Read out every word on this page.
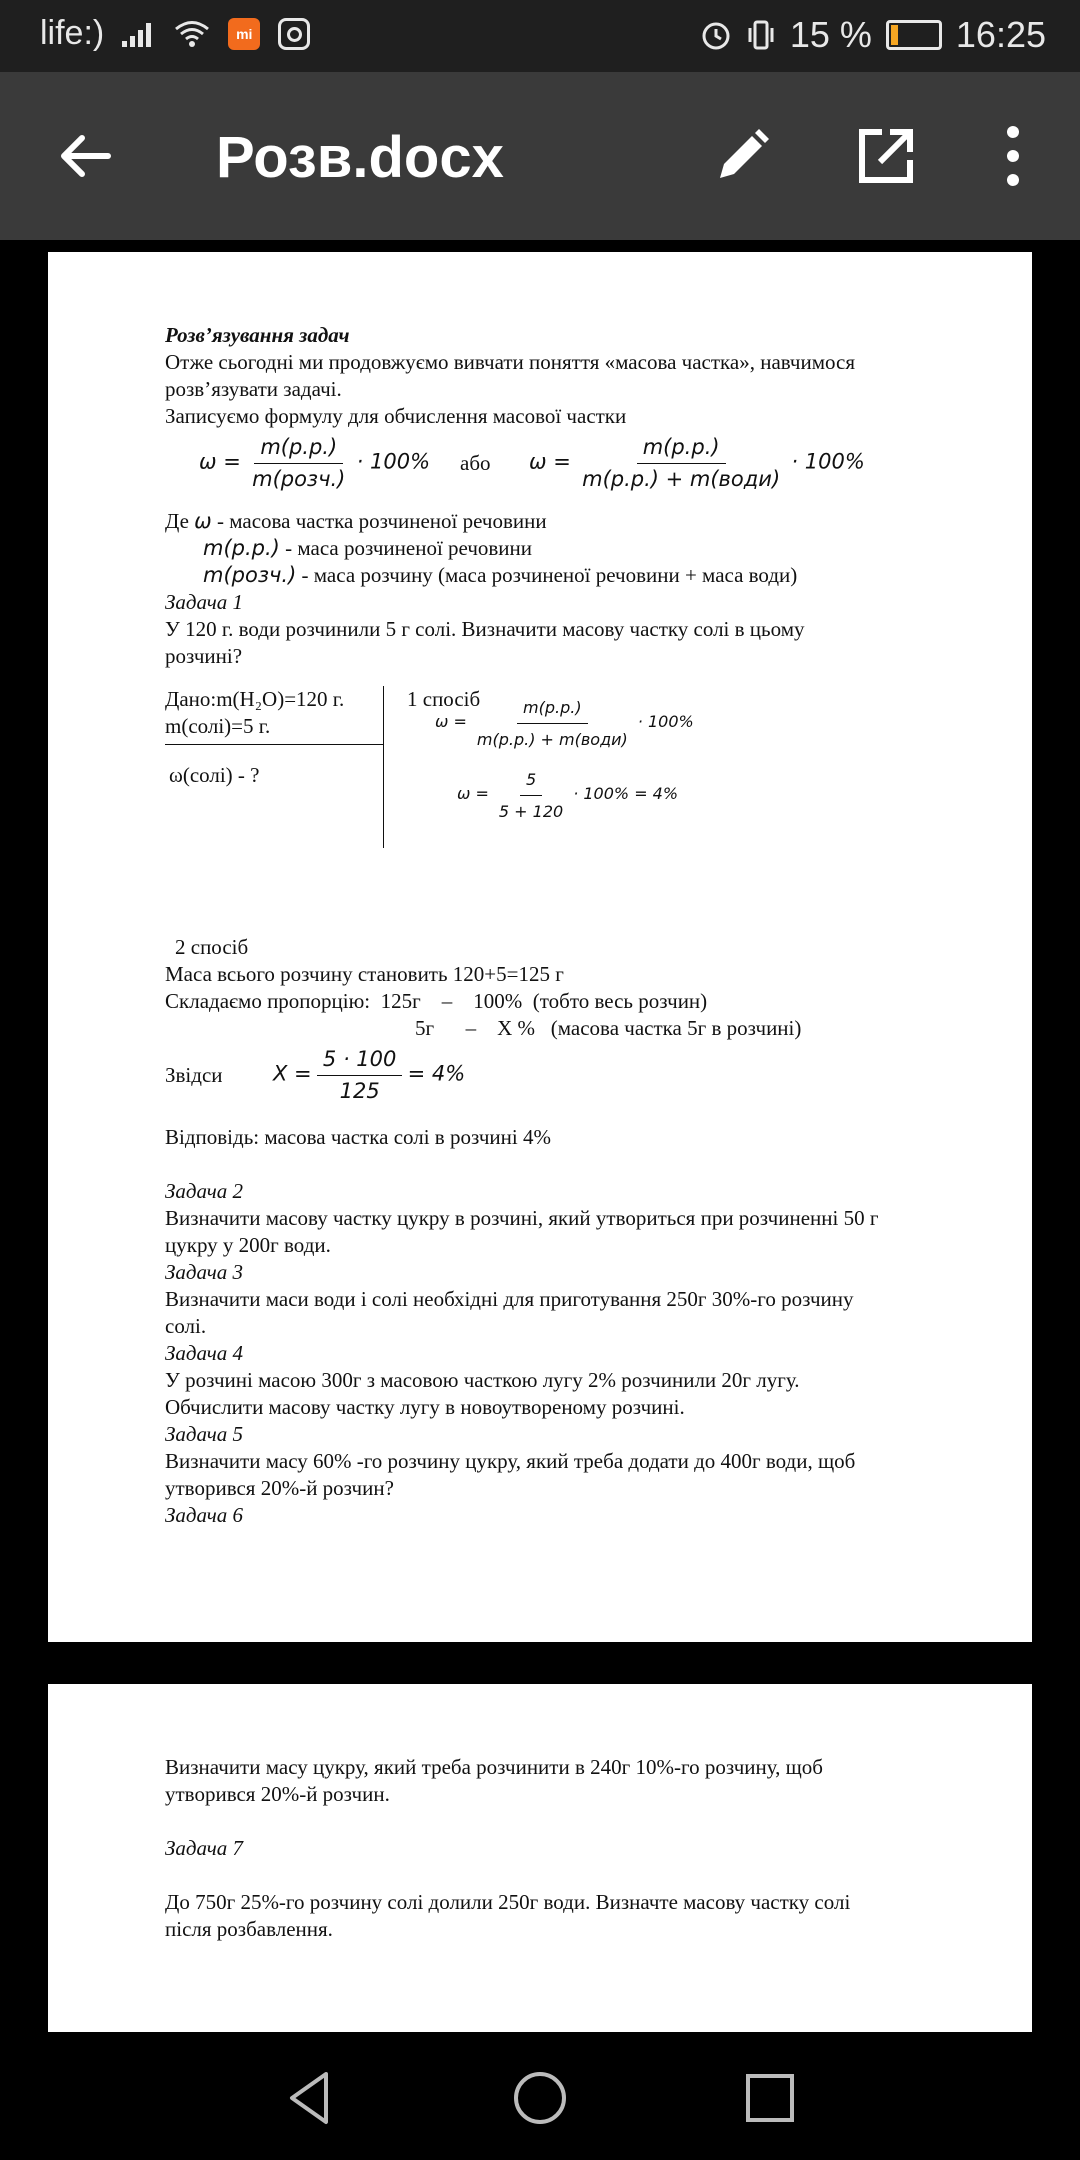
life:)	mi	15 % 16:25
Розв.docx
Розв’язування задач
Отже сьогодні ми продовжуємо вивчати поняття «масова частка», навчимося
розв’язувати задачі.
Записуємо формулу для обчислення масової частки
$\omega = \frac{m(р.р.)}{\text{m(розч.)}} \cdot 100\%$ або $\omega = \frac{m(р.р.)}{\text{m(р.р.) + m(води)}} \cdot 100\%$
Де ω - масова частка розчиненої речовини
m(р.р.) - маса розчиненої речовини
m(розч.) - маса розчину (маса розчиненої речовини + маса води)
Задача 1
У 120 г. води розчинили 5 г солі. Визначити масову частку солі в цьому
розчині?
Дано:m(H₂O)=120 г.
m(солі)=5 г.
ω(солі) - ?
1 спосіб
$\omega = \frac{m(р.р.)}{\text{m(р.р.) + m(води)}} \cdot 100\%$
$\omega = \frac{5}{5 + 120} \cdot 100\% = 4\%$
2 спосіб
Маса всього розчину становить 120+5=125 г
Складаємо пропорцію:  125г    –    100%  (тобто весь розчин)
5г      –    Х %   (масова частка 5г в розчині)
Звідси $X = \frac{5 \cdot 100}{125} = 4\%$
Відповідь: масова частка солі в розчині 4%
Задача 2
Визначити масову частку цукру в розчині, який утвориться при розчиненні 50 г
цукру у 200г води.
Задача 3
Визначити маси води і солі необхідні для приготування 250г 30%-го розчину
солі.
Задача 4
У розчині масою 300г з масовою часткою лугу 2% розчинили 20г лугу.
Обчислити масову частку лугу в новоутвореному розчині.
Задача 5
Визначити масу 60% -го розчину цукру, який треба додати до 400г води, щоб
утворився 20%-й розчин?
Задача 6
Визначити масу цукру, який треба розчинити в 240г 10%-го розчину, щоб
утворився 20%-й розчин.
Задача 7
До 750г 25%-го розчину солі долили 250г води. Визначте масову частку солі
після розбавлення.
